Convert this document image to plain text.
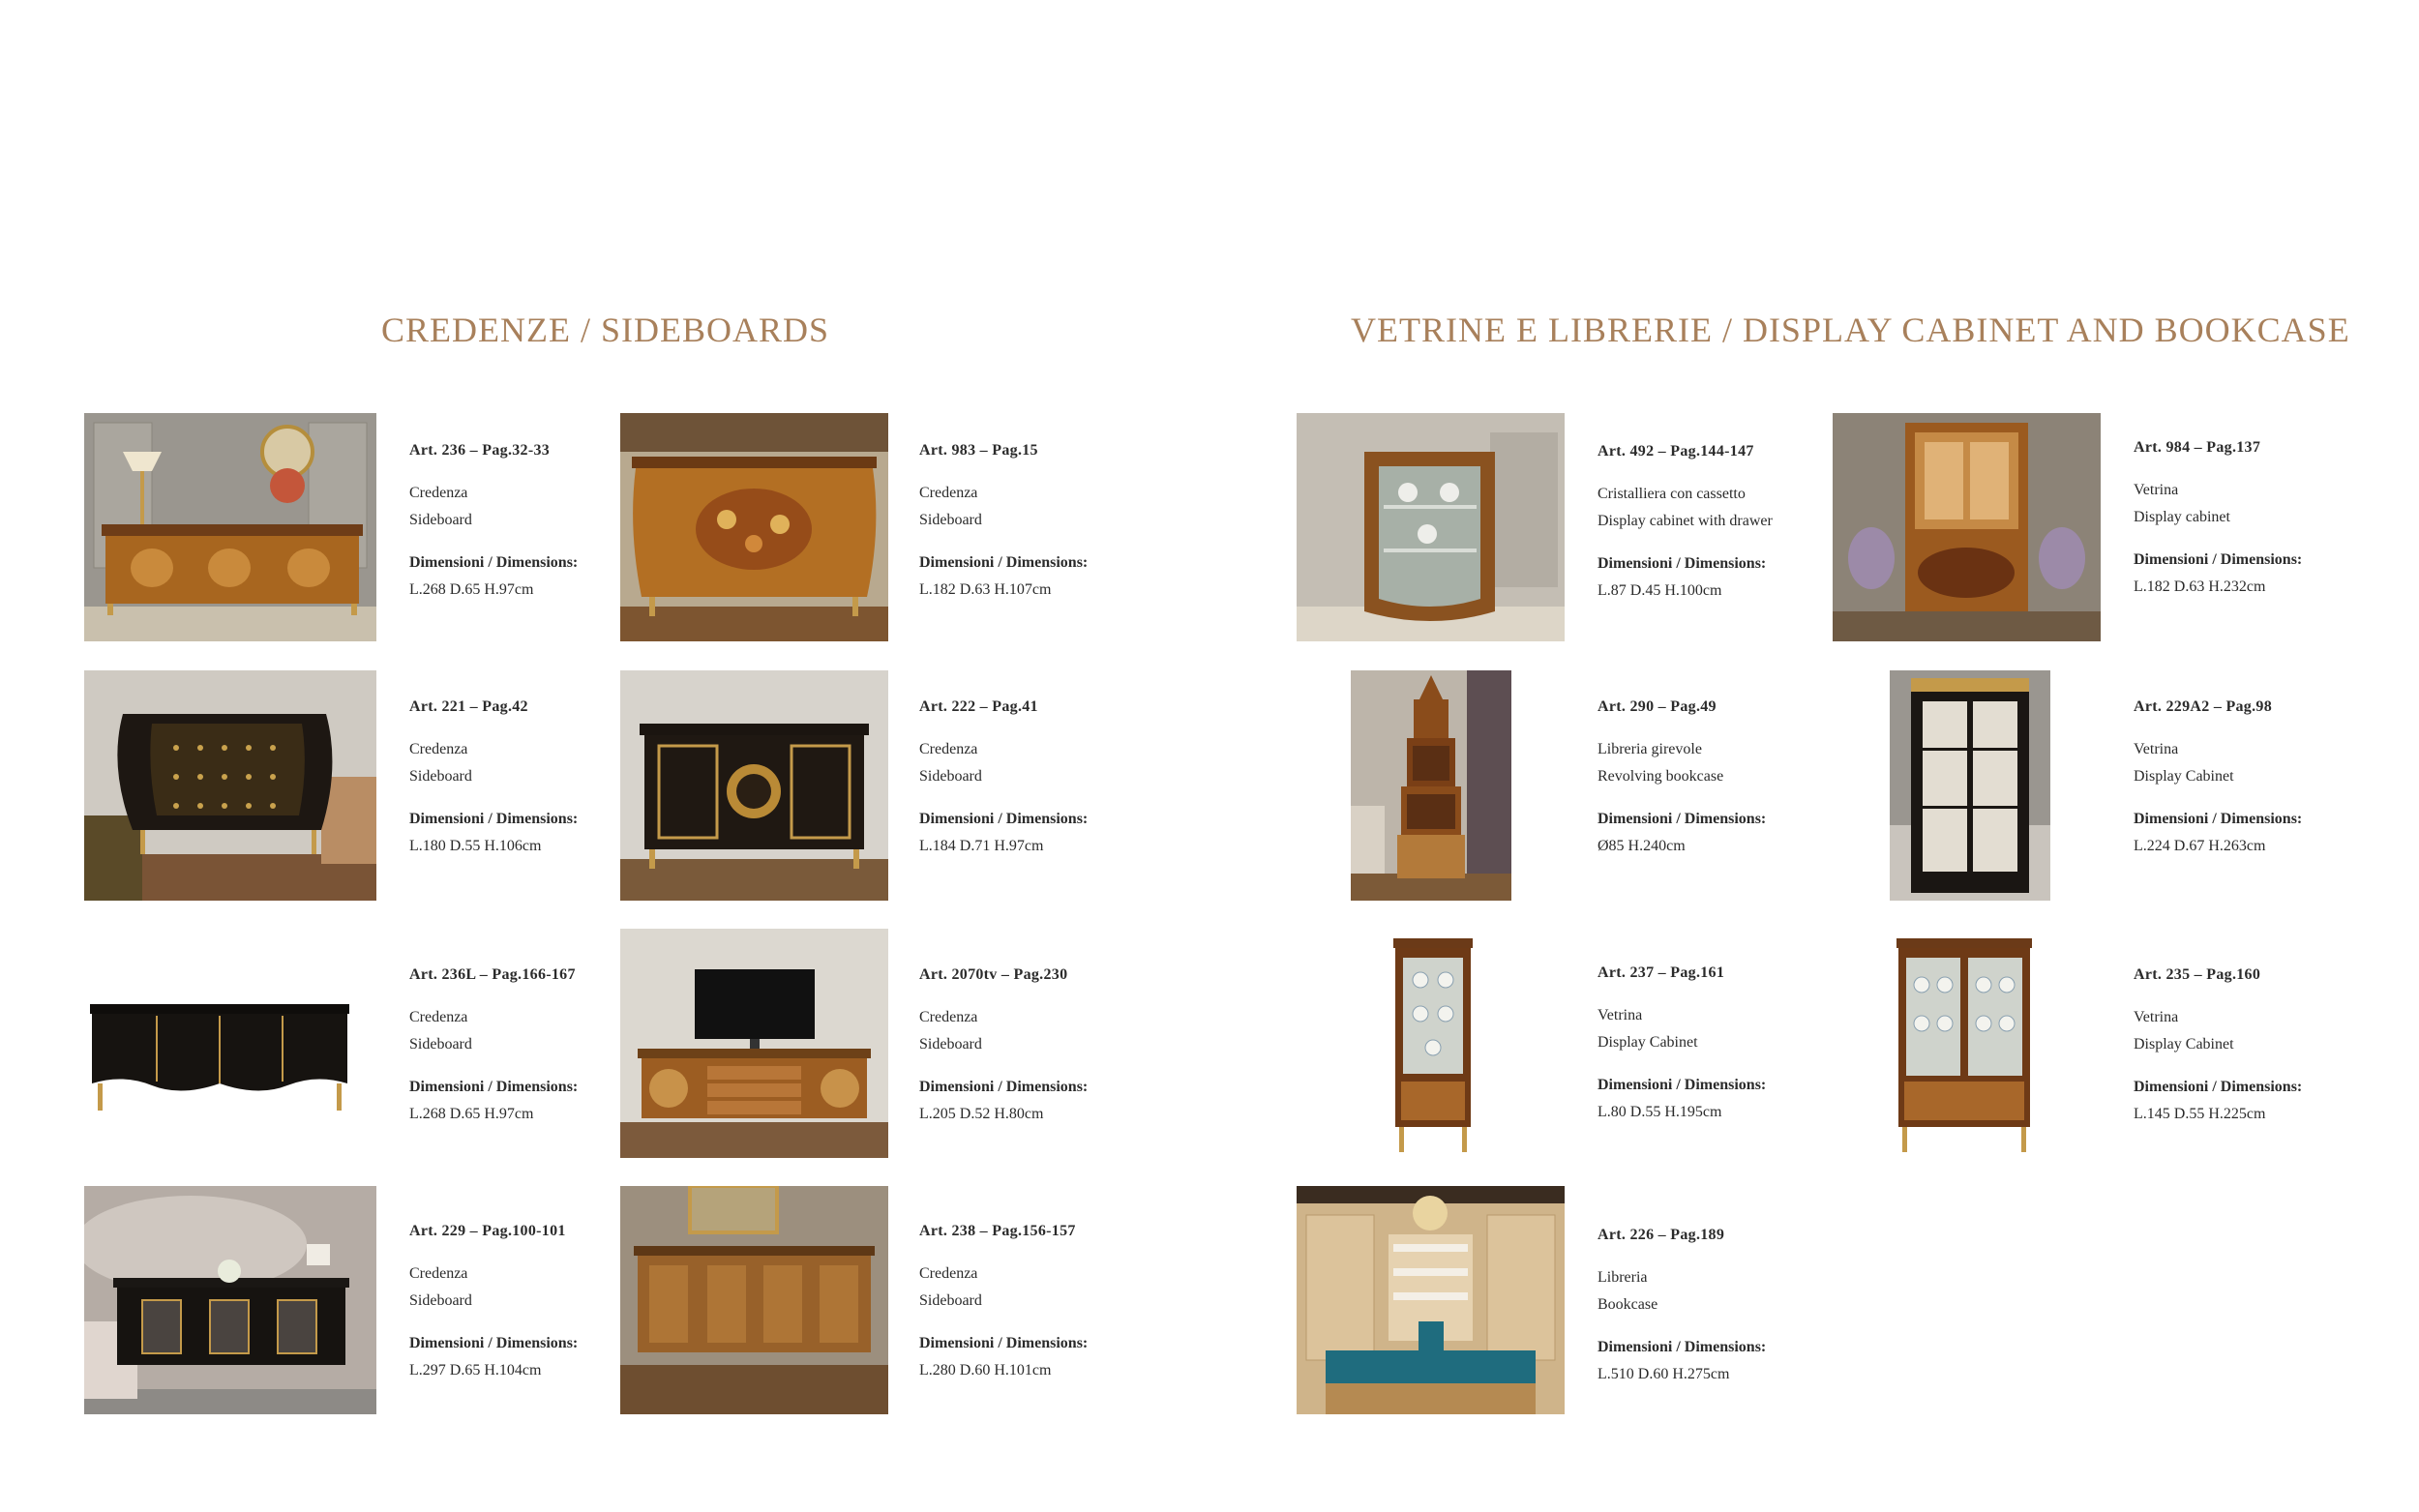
CREDENZE / SIDEBOARDS	VETRINE E LIBRERIE / DISPLAY CABINET AND BOOKCASE
Art. 236 – Pag.32-33
Credenza
Sideboard
Dimensioni / Dimensions:
L.268 D.65 H.97cm
Art. 983 – Pag.15
Credenza
Sideboard
Dimensioni / Dimensions:
L.182 D.63 H.107cm
Art. 221 – Pag.42
Credenza
Sideboard
Dimensioni / Dimensions:
L.180 D.55 H.106cm
Art. 222 – Pag.41
Credenza
Sideboard
Dimensioni / Dimensions:
L.184 D.71 H.97cm
Art. 236L – Pag.166-167
Credenza
Sideboard
Dimensioni / Dimensions:
L.268 D.65 H.97cm
Art. 2070tv – Pag.230
Credenza
Sideboard
Dimensioni / Dimensions:
L.205 D.52 H.80cm
Art. 229 – Pag.100-101
Credenza
Sideboard
Dimensioni / Dimensions:
L.297 D.65 H.104cm
Art. 238 – Pag.156-157
Credenza
Sideboard
Dimensioni / Dimensions:
L.280 D.60 H.101cm
Art. 492 – Pag.144-147
Cristalliera con cassetto
Display cabinet with drawer
Dimensioni / Dimensions:
L.87 D.45 H.100cm
Art. 984 – Pag.137
Vetrina
Display cabinet
Dimensioni / Dimensions:
L.182 D.63 H.232cm
Art. 290 – Pag.49
Libreria girevole
Revolving bookcase
Dimensioni / Dimensions:
Ø85 H.240cm
Art. 229A2 – Pag.98
Vetrina
Display Cabinet
Dimensioni / Dimensions:
L.224 D.67 H.263cm
Art. 237 – Pag.161
Vetrina
Display Cabinet
Dimensioni / Dimensions:
L.80 D.55 H.195cm
Art. 235 – Pag.160
Vetrina
Display Cabinet
Dimensioni / Dimensions:
L.145 D.55 H.225cm
Art. 226 – Pag.189
Libreria
Bookcase
Dimensioni / Dimensions:
L.510 D.60 H.275cm
